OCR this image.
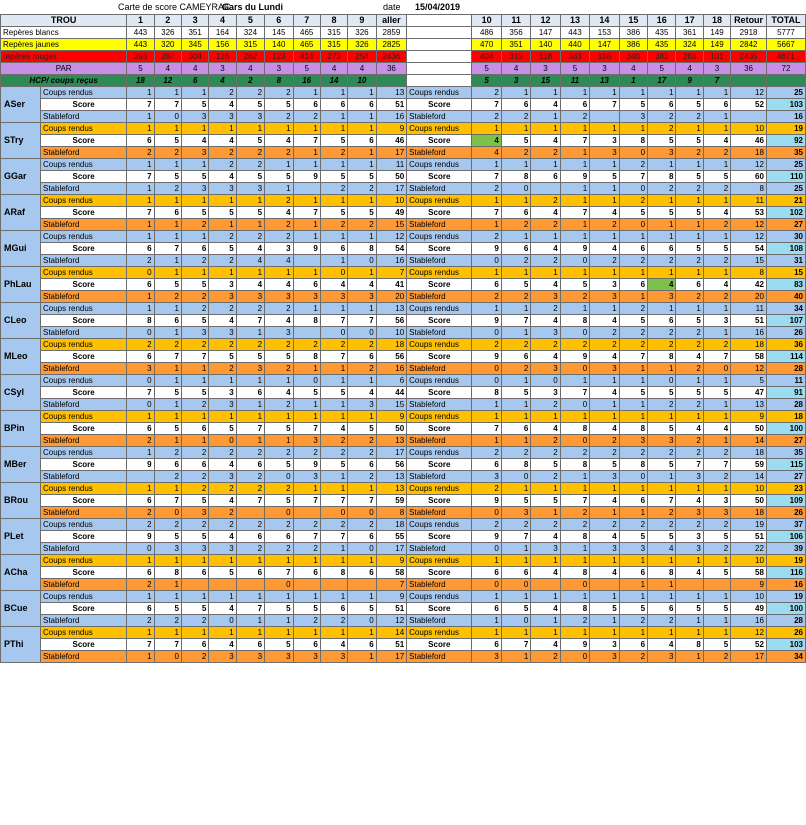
Carte de score CAMEYRAC:
Gars du Lundi	date 15/04/2019
TROU		1	2	3	4	5	6	7	8	9	aller		10	11	12	13	14	15	16	17	18	Retour	TOTAL
Repères blancs		443	326	351	164	324	145	465	315	326	2859		486	356	147	443	153	386	435	361	149	2918	5777
Repères jaunes		443	320	345	156	315	140	465	315	326	2825		470	351	140	440	147	386	435	324	149	2842	5667
repères rouges		393	287	304	126	262	123	414	273	254	2436		404	315	118	383	108	340	383	283	101	2435	4871
PAR		5	4	4	3	4	3	5	4	4	36		5	4	3	5	3	4	5	4	3	36	72
HCP/ coups reçus		18	12	6	4	2	8	16	14	10			5	3	15	11	13	1	17	9	7		
ASer	Coups rendus	1	1	1	2	2	2	1	1	1	13	Coups rendus	2	1	1	1	1	1	1	1	1	12	25
	Score	7	7	5	4	5	5	6	6	6	51	Score	7	6	4	6	7	5	6	5	6	52	103
	Stableford	1	0	3	3	3	2	2	1	1	16	Stableford	2	2	1	2		3	2	2	1		16
STry	Coups rendus	1	1	1	1	1	1	1	1	1	9	Coups rendus	1	1	1	1	1	1	2	1	1	10	19
	Score	6	5	4	4	5	4	7	5	6	46	Score	4	5	4	7	3	8	5	5	4	46	92
	Stableford	2	2	3	2	2	2	1	2	1	17	Stableford	4	2	2	1	3	0	3	2	2	18	35
GGar	Coups rendus	1	1	1	2	2	1	1	1	1	11	Coups rendus	1	1	1	1	1	2	1	1	1	12	25
	Score	7	5	5	4	5	5	9	5	5	50	Score	7	8	6	9	5	7	8	5	5	60	110
	Stableford	1	2	3	3	3	1		2	2	17	Stableford	2	0		1	1	0	2	2	2	8	25
ARaf	Coups rendus	1	1	1	1	1	2	1	1	1	10	Coups rendus	1	1	2	1	1	2	1	1	1	11	21
	Score	7	6	5	5	5	4	7	5	5	49	Score	7	6	4	7	4	5	5	5	4	53	102
	Stableford	1	1	2	1	1	2	1	2	2	15	Stableford	1	2	2	1	2	0	1	1	2	12	27
MGui	Coups rendus	1	1	1	2	2	2	1	1	1	12	Coups rendus	2	1	1	1	1	1	1	1	1	12	30
	Score	6	7	6	5	4	3	9	6	8	54	Score	9	6	4	9	4	6	6	5	5	54	108
	Stableford	2	1	2	2	4	4		1	0	16	Stableford	0	2	2	0	2	2	2	2	2	15	31
PhLau	Coups rendus	0	1	1	1	1	1	1	0	1	7	Coups rendus	1	1	1	1	1	1	1	1	1	8	15
	Score	6	5	5	3	4	4	6	4	4	41	Score	6	5	4	5	3	6	4	6	4	42	83
	Stableford	1	2	2	3	3	3	3	3	3	20	Stableford	2	2	3	2	3	1	3	2	2	20	40
CLeo	Coups rendus	1	1	2	2	2	2	1	1	1	13	Coups rendus	1	1	2	1	1	2	1	1	1	11	34
	Score	8	6	5	4	7	4	8	7	7	56	Score	9	7	4	8	4	5	6	5	3	51	107
	Stableford	0	1	3	3	1	3		0	0	10	Stableford	0	1	3	0	2	2	2	2	1	16	26
MLeo	Coups rendus	2	2	2	2	2	2	2	2	2	18	Coups rendus	2	2	2	2	2	2	2	2	2	18	36
	Score	6	7	7	5	5	5	8	7	6	56	Score	9	6	4	9	4	7	8	4	7	58	114
	Stableford	3	1	1	2	3	2	1	1	2	16	Stableford	0	2	3	0	3	1	1	2	0	12	28
CSyl	Coups rendus	0	1	1	1	1	1	0	1	1	6	Coups rendus	0	1	0	1	1	1	0	1	1	5	11
	Score	7	5	5	3	6	4	5	5	4	44	Score	8	5	3	7	4	5	5	5	5	47	91
	Stableford	0	1	2	3	1	2	1	1	3	15	Stableford	1	1	2	0	1	1	2	2	1	13	28
BPin	Coups rendus	1	1	1	1	1	1	1	1	1	9	Coups rendus	1	1	1	1	1	1	1	1	1	9	18
	Score	6	5	6	5	7	5	7	4	5	50	Score	7	6	4	8	4	8	5	4	4	50	100
	Stableford	2	1	1	0	1	1	3	2	2	13	Stableford	1	1	2	0	2	3	3	2	1	14	27
MBer	Coups rendus	1	2	2	2	2	2	2	2	2	17	Coups rendus	2	2	2	2	2	2	2	2	2	18	35
	Score	9	6	6	4	6	5	9	5	6	56	Score	6	8	5	8	5	8	5	7	7	59	115
	Stableford		2	2	3	2	0	3	1	2	13	Stableford	3	0	2	1	3	0	1	3	2	14	27
BRou	Coups rendus	1	1	2	2	2	2	1	1	1	13	Coups rendus	2	1	1	1	1	1	1	1	1	10	23
	Score	6	7	5	4	7	5	7	7	7	59	Score	9	5	5	7	4	6	7	4	3	50	109
	Stableford	2	0	3	2		0		0	0	8	Stableford	0	3	1	2	1	1	2	3	3	18	26
PLet	Coups rendus	2	2	2	2	2	2	2	2	2	18	Coups rendus	2	2	2	2	2	2	2	2	2	19	37
	Score	9	5	5	4	6	6	7	7	6	55	Score	9	7	4	8	4	5	5	3	5	51	106
	Stableford	0	3	3	3	2	2	2	1	0	17	Stableford	0	1	3	1	3	3	4	3	2	22	39
ACha	Coups rendus	1	1	1	1	1	1	1	1	1	9	Coups rendus	1	1	1	1	1	1	1	1	1	10	19
	Score	6	8	6	5	6	7	6	8	6	58	Score	6	6	4	8	4	6	8	4	5	58	116
	Stableford	2	1				0				7	Stableford	0	0		0		1	1			9	16
BCue	Coups rendus	1	1	1	1	1	1	1	1	1	9	Coups rendus	1	1	1	1	1	1	1	1	1	10	19
	Score	6	5	5	4	7	5	5	6	5	51	Score	6	5	4	8	5	5	6	5	5	49	100
	Stableford	2	2	2	0	1	1	2	2	0	12	Stableford	1	0	1	2	1	2	2	1	1	16	28
PThi	Coups rendus	1	1	1	1	1	1	1	1	1	14	Coups rendus	1	1	1	1	1	1	1	1	1	12	26
	Score	7	7	6	4	6	5	6	4	6	51	Score	6	7	4	9	3	6	4	8	5	52	103
	Stableford	1	0	2	3	3	3	3	3	1	17	Stableford	3	1	2	0	3	2	3	1	2	17	34
